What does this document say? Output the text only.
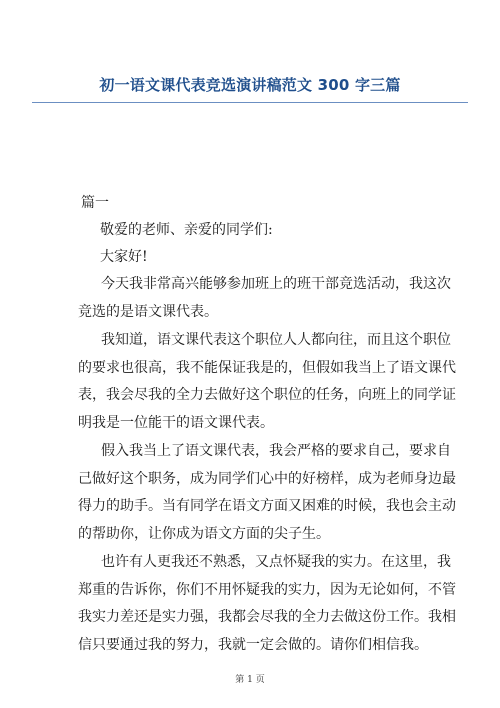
初一语文课代表竞选演讲稿范文 300 字三篇
篇一
敬爱的老师、亲爱的同学们:
大家好!
今天我非常高兴能够参加班上的班干部竞选活动，我这次
竞选的是语文课代表。
我知道，语文课代表这个职位人人都向往，而且这个职位
的要求也很高，我不能保证我是的，但假如我当上了语文课代
表，我会尽我的全力去做好这个职位的任务，向班上的同学证
明我是一位能干的语文课代表。
假入我当上了语文课代表，我会严格的要求自己，要求自
己做好这个职务，成为同学们心中的好榜样，成为老师身边最
得力的助手。当有同学在语文方面又困难的时候，我也会主动
的帮助你，让你成为语文方面的尖子生。
也许有人更我还不熟悉，又点怀疑我的实力。在这里，我
郑重的告诉你，你们不用怀疑我的实力，因为无论如何，不管
我实力差还是实力强，我都会尽我的全力去做这份工作。我相
信只要通过我的努力，我就一定会做的。请你们相信我。
第 1 页
